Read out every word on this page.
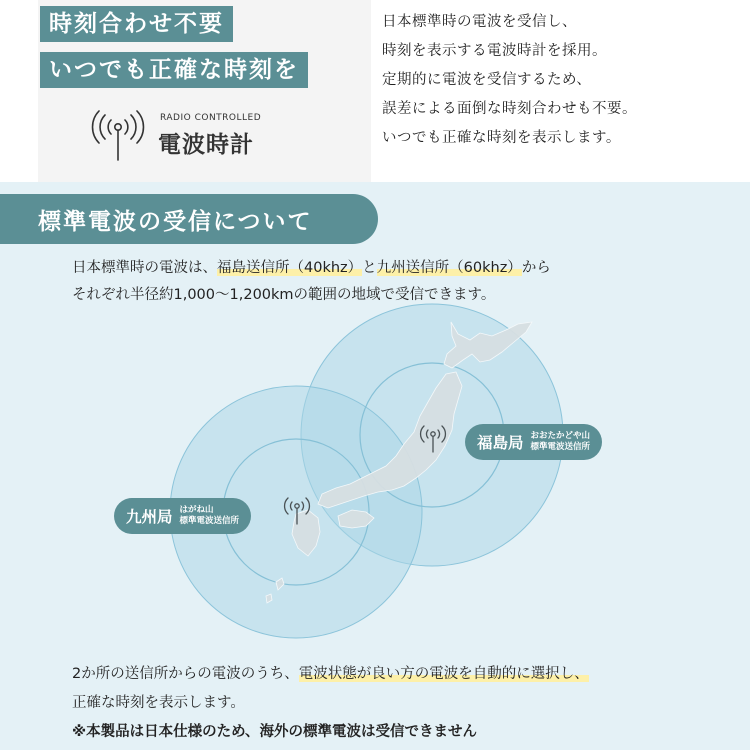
時刻合わせ不要
いつでも正確な時刻を
RADIO CONTROLLED
電波時計

日本標準時の電波を受信し、

時刻を表示する電波時計を採用。

定期的に電波を受信するため、

誤差による面倒な時刻合わせも不要。

いつでも正確な時刻を表示します。

標準電波の受信について
日本標準時の電波は、福島送信所（40khz）と九州送信所（60khz）から
それぞれ半径約1,000〜1,200kmの範囲の地域で受信できます。
福島局 おおたかどや山
標準電波送信所
九州局 はがね山
標準電波送信所
2か所の送信所からの電波のうち、電波状態が良い方の電波を自動的に選択し、
正確な時刻を表示します。
※本製品は日本仕様のため、海外の標準電波は受信できません
